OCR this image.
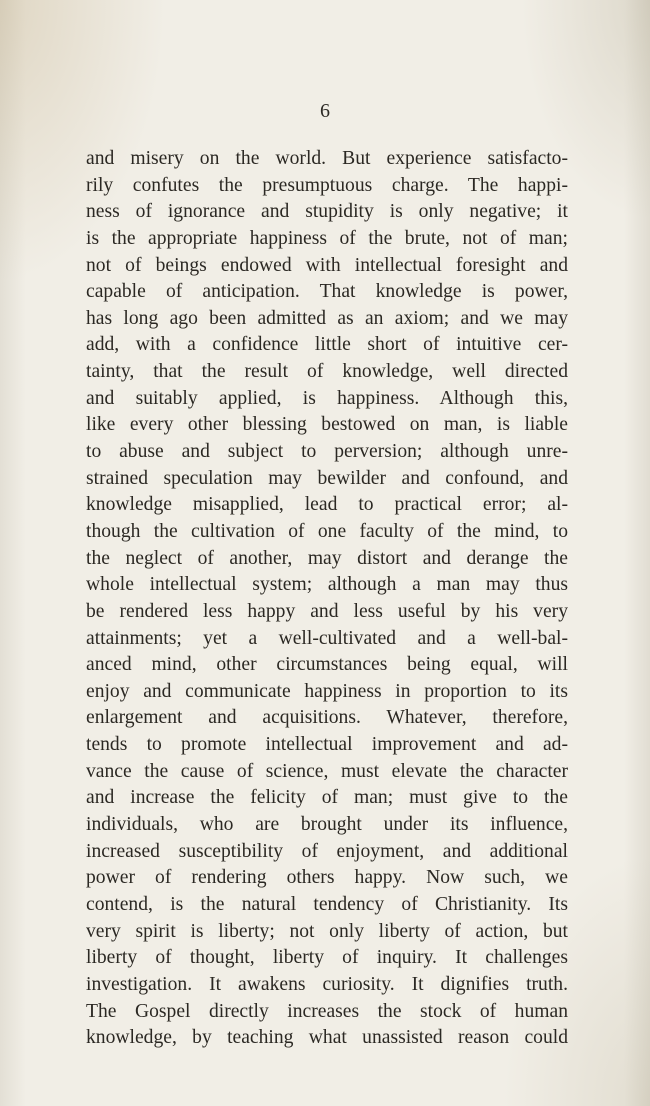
6
and misery on the world. But experience satisfacto-
rily confutes the presumptuous charge. The happi-
ness of ignorance and stupidity is only negative; it
is the appropriate happiness of the brute, not of man;
not of beings endowed with intellectual foresight and
capable of anticipation. That knowledge is power,
has long ago been admitted as an axiom; and we may
add, with a confidence little short of intuitive cer-
tainty, that the result of knowledge, well directed
and suitably applied, is happiness. Although this,
like every other blessing bestowed on man, is liable
to abuse and subject to perversion; although unre-
strained speculation may bewilder and confound, and
knowledge misapplied, lead to practical error; al-
though the cultivation of one faculty of the mind, to
the neglect of another, may distort and derange the
whole intellectual system; although a man may thus
be rendered less happy and less useful by his very
attainments; yet a well-cultivated and a well-bal-
anced mind, other circumstances being equal, will
enjoy and communicate happiness in proportion to its
enlargement and acquisitions. Whatever, therefore,
tends to promote intellectual improvement and ad-
vance the cause of science, must elevate the character
and increase the felicity of man; must give to the
individuals, who are brought under its influence,
increased susceptibility of enjoyment, and additional
power of rendering others happy. Now such, we
contend, is the natural tendency of Christianity. Its
very spirit is liberty; not only liberty of action, but
liberty of thought, liberty of inquiry. It challenges
investigation. It awakens curiosity. It dignifies truth.
The Gospel directly increases the stock of human
knowledge, by teaching what unassisted reason could
